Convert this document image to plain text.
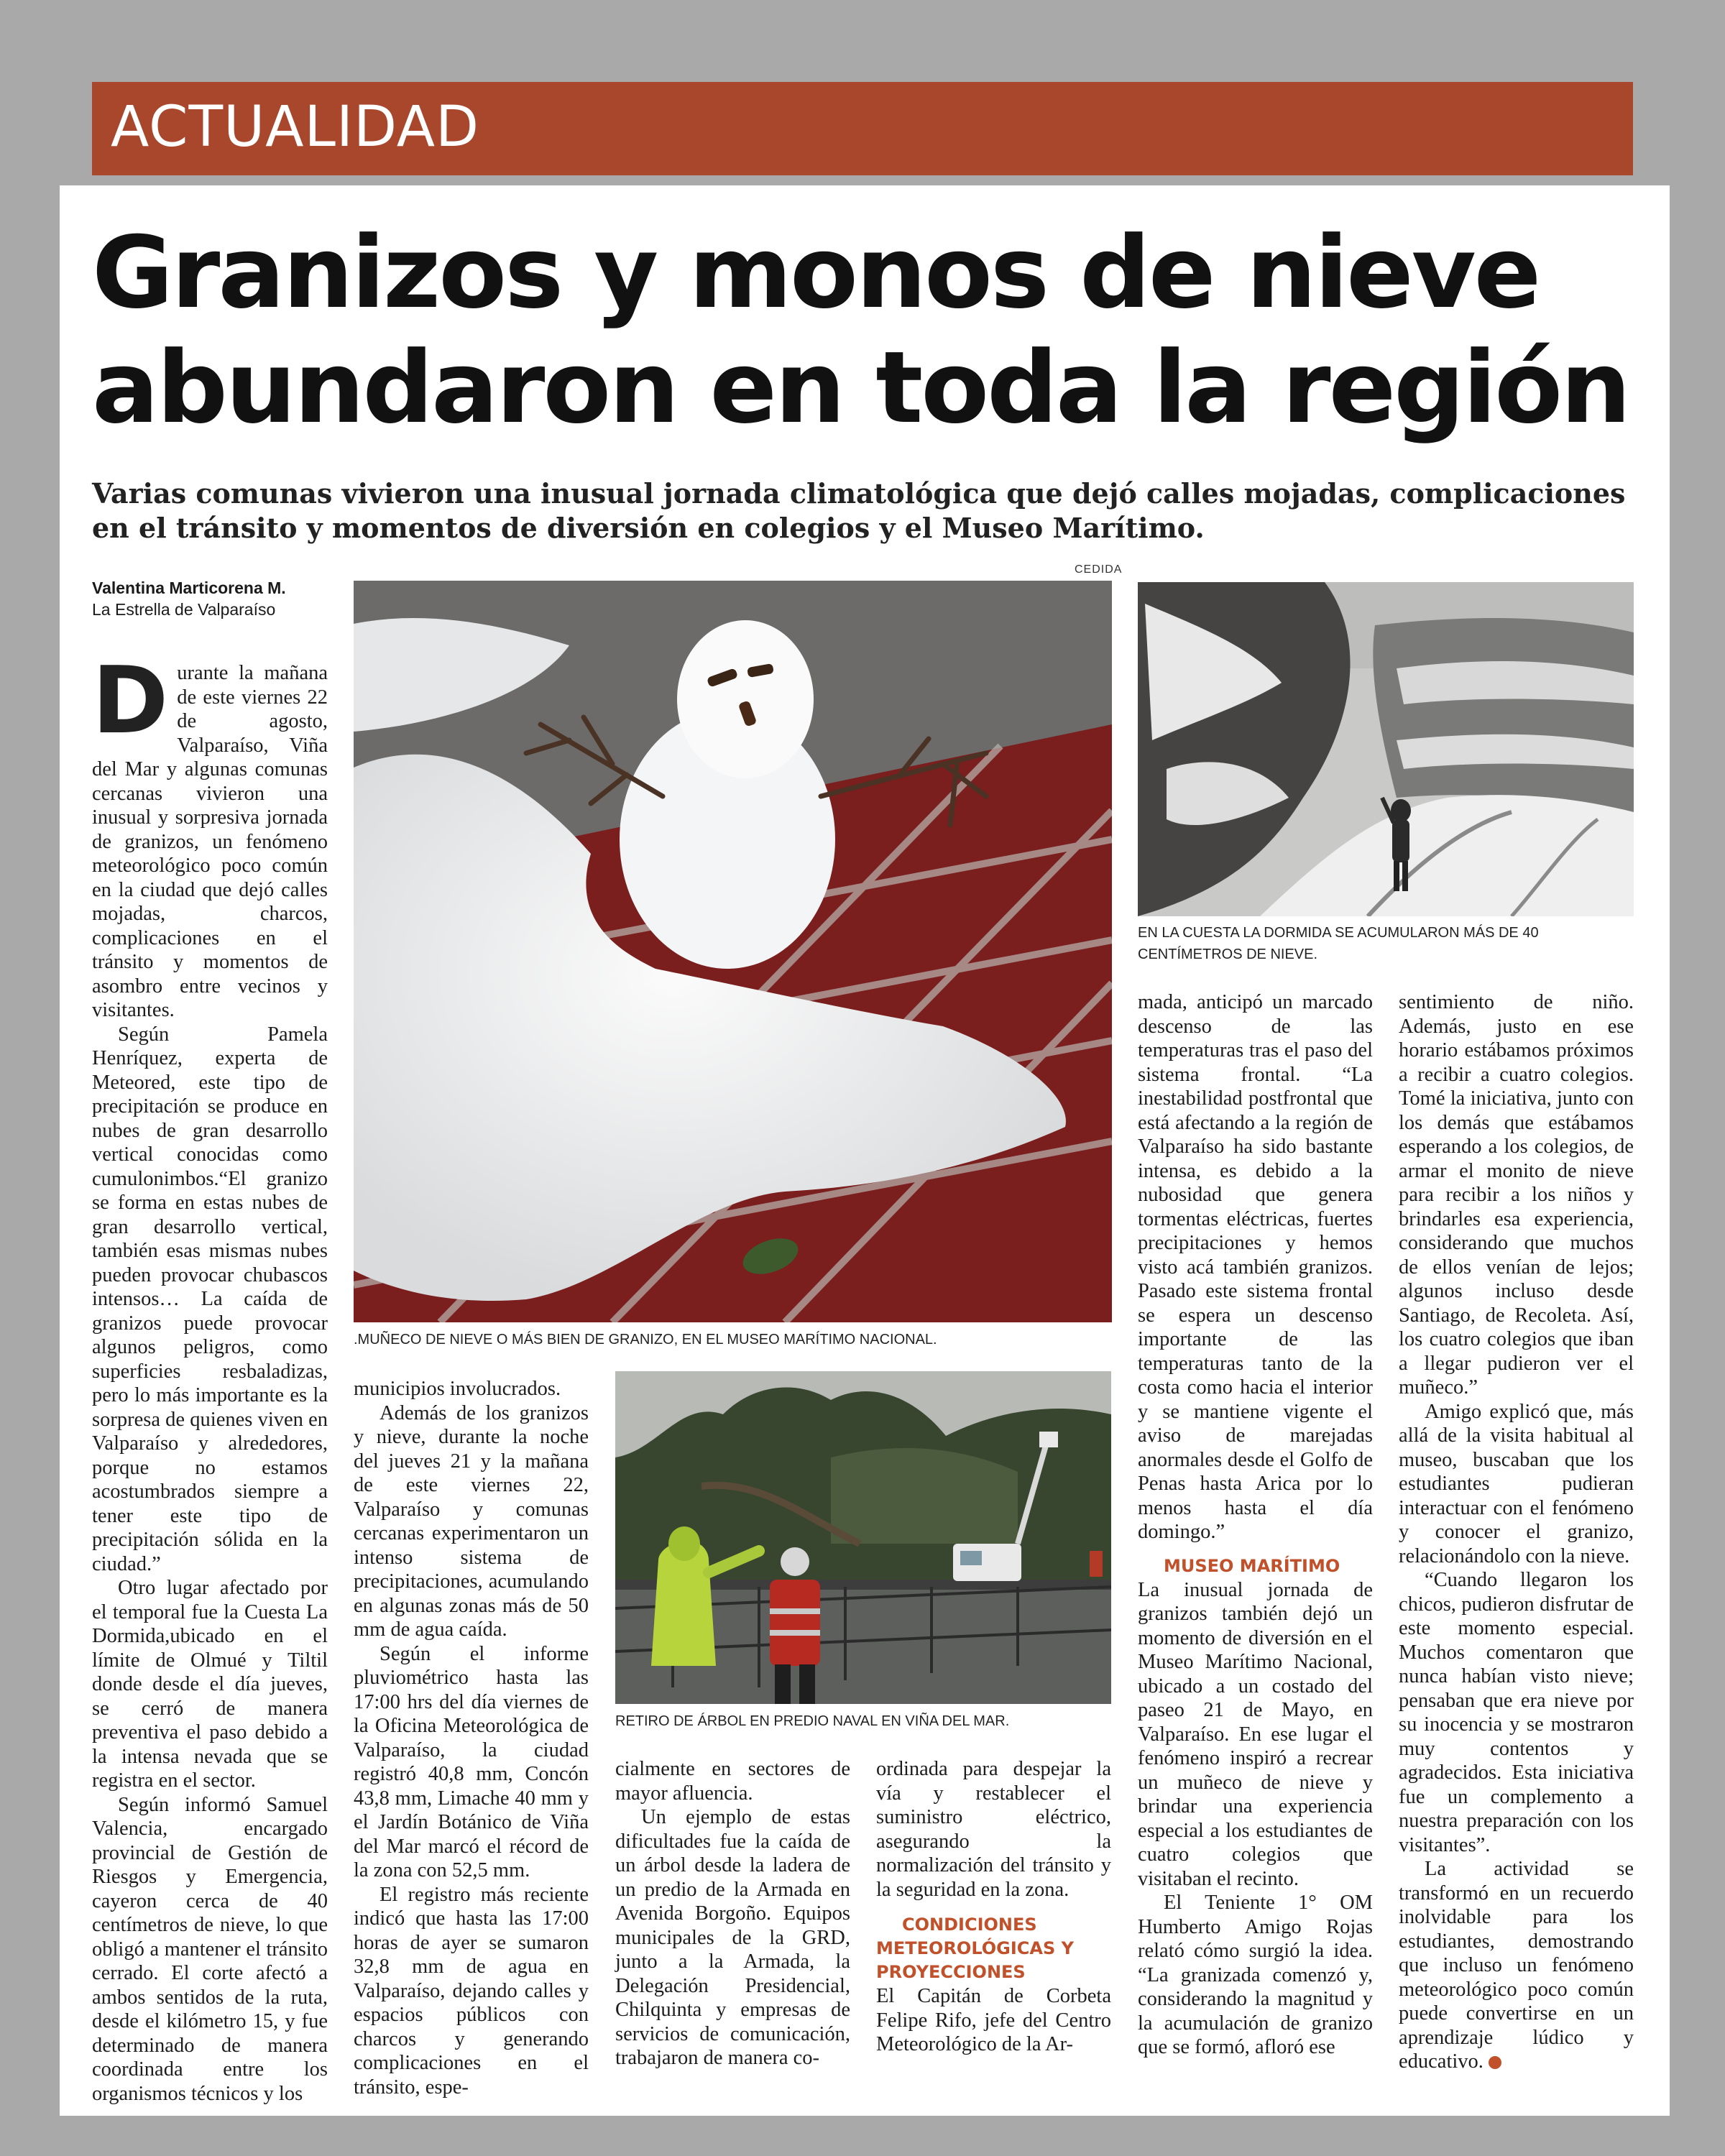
ACTUALIDAD
Granizos y monos de nieve
abundaron en toda la región
Varias comunas vivieron una inusual jornada climatológica que dejó calles mojadas, complicaciones en el tránsito y momentos de diversión en colegios y el Museo Marítimo.
Valentina Marticorena M.
La Estrella de Valparaíso
CEDIDA
.MUÑECO DE NIEVE O MÁS BIEN DE GRANIZO, EN EL MUSEO MARÍTIMO NACIONAL.
EN LA CUESTA LA DORMIDA SE ACUMULARON MÁS DE 40 CENTÍMETROS DE NIEVE.
RETIRO DE ÁRBOL EN PREDIO NAVAL EN VIÑA DEL MAR.

Durante la mañana de este viernes 22 de agosto, Valparaíso, Viña del Mar y algunas comunas cercanas vivieron una inusual y sorpresiva jornada de granizos, un fenómeno meteorológico poco común en la ciudad que dejó calles mojadas, charcos, complicaciones en el tránsito y momentos de asombro entre vecinos y visitantes.

Según Pamela Henríquez, experta de Meteored, este tipo de precipitación se produce en nubes de gran desarrollo vertical conocidas como cumulonimbos.“El granizo se forma en estas nubes de gran desarrollo vertical, también esas mismas nubes pueden provocar chubascos intensos… La caída de granizos puede provocar algunos peligros, como superficies resbaladizas, pero lo más importante es la sorpresa de quienes viven en Valparaíso y alrededores, porque no estamos acostumbrados siempre a tener este tipo de precipitación sólida en la ciudad.”

Otro lugar afectado por el temporal fue la Cuesta La Dormida,ubicado en el límite de Olmué y Tiltil donde desde el día jueves, se cerró de manera preventiva el paso debido a la intensa nevada que se registra en el sector.

Según informó Samuel Valencia, encargado provincial de Gestión de Riesgos y Emergencia, cayeron cerca de 40 centímetros de nieve, lo que obligó a mantener el tránsito cerrado. El corte afectó a ambos sentidos de la ruta, desde el kilómetro 15, y fue determinado de manera coordinada entre los organismos técnicos y los

municipios involucrados.

Además de los granizos y nieve, durante la noche del jueves 21 y la mañana de este viernes 22, Valparaíso y comunas cercanas experimentaron un intenso sistema de precipitaciones, acumulando en algunas zonas más de 50 mm de agua caída.

Según el informe pluviométrico hasta las 17:00 hrs del día viernes de la Oficina Meteorológica de Valparaíso, la ciudad registró 40,8 mm, Concón 43,8 mm, Limache 40 mm y el Jardín Botánico de Viña del Mar marcó el récord de la zona con 52,5 mm.

El registro más reciente indicó que hasta las 17:00 horas de ayer se sumaron 32,8 mm de agua en Valparaíso, dejando calles y espacios públicos con charcos y generando complicaciones en el tránsito, espe-

cialmente en sectores de mayor afluencia.

Un ejemplo de estas dificultades fue la caída de un árbol desde la ladera de un predio de la Armada en Avenida Borgoño. Equipos municipales de la GRD, junto a la Armada, la Delegación Presidencial, Chilquinta y empresas de servicios de comunicación, trabajaron de manera co-

ordinada para despejar la vía y restablecer el suministro eléctrico, asegurando la normalización del tránsito y la seguridad en la zona.

CONDICIONES
METEOROLÓGICAS Y
PROYECCIONES

El Capitán de Corbeta Felipe Rifo, jefe del Centro Meteorológico de la Ar-

mada, anticipó un marcado descenso de las temperaturas tras el paso del sistema frontal. “La inestabilidad postfrontal que está afectando a la región de Valparaíso ha sido bastante intensa, es debido a la nubosidad que genera tormentas eléctricas, fuertes precipitaciones y hemos visto acá también granizos. Pasado este sistema frontal se espera un descenso importante de las temperaturas tanto de la costa como hacia el interior y se mantiene vigente el aviso de marejadas anormales desde el Golfo de Penas hasta Arica por lo menos hasta el día domingo.”

MUSEO MARÍTIMO

La inusual jornada de granizos también dejó un momento de diversión en el Museo Marítimo Nacional, ubicado a un costado del paseo 21 de Mayo, en Valparaíso. En ese lugar el fenómeno inspiró a recrear un muñeco de nieve y brindar una experiencia especial a los estudiantes de cuatro colegios que visitaban el recinto.

El Teniente 1° OM Humberto Amigo Rojas relató cómo surgió la idea. “La granizada comenzó y, considerando la magnitud y la acumulación de granizo que se formó, afloró ese

sentimiento de niño. Además, justo en ese horario estábamos próximos a recibir a cuatro colegios. Tomé la iniciativa, junto con los demás que estábamos esperando a los colegios, de armar el monito de nieve para recibir a los niños y brindarles esa experiencia, considerando que muchos de ellos venían de lejos; algunos incluso desde Santiago, de Recoleta. Así, los cuatro colegios que iban a llegar pudieron ver el muñeco.”

Amigo explicó que, más allá de la visita habitual al museo, buscaban que los estudiantes pudieran interactuar con el fenómeno y conocer el granizo, relacionándolo con la nieve.

“Cuando llegaron los chicos, pudieron disfrutar de este momento especial. Muchos comentaron que nunca habían visto nieve; pensaban que era nieve por su inocencia y se mostraron muy contentos y agradecidos. Esta iniciativa fue un complemento a nuestra preparación con los visitantes”.

La actividad se transformó en un recuerdo inolvidable para los estudiantes, demostrando que incluso un fenómeno meteorológico poco común puede convertirse en un aprendizaje lúdico y educativo.	✪
